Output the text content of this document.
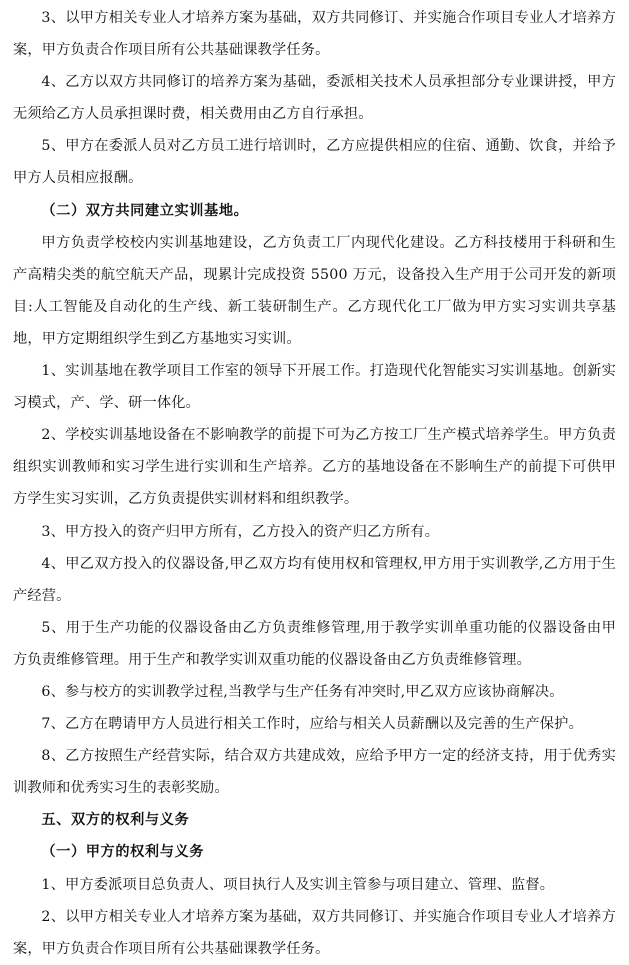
3、以甲方相关专业人才培养方案为基础，双方共同修订、并实施合作项目专业人才培养方案，甲方负责合作项目所有公共基础课教学任务。

4、乙方以双方共同修订的培养方案为基础，委派相关技术人员承担部分专业课讲授，甲方无须给乙方人员承担课时费，相关费用由乙方自行承担。

5、甲方在委派人员对乙方员工进行培训时，乙方应提供相应的住宿、通勤、饮食，并给予甲方人员相应报酬。

（二）双方共同建立实训基地。

甲方负责学校校内实训基地建设，乙方负责工厂内现代化建设。乙方科技楼用于科研和生产高精尖类的航空航天产品，现累计完成投资 5500 万元，设备投入生产用于公司开发的新项目:人工智能及自动化的生产线、新工装研制生产。乙方现代化工厂做为甲方实习实训共享基地，甲方定期组织学生到乙方基地实习实训。

1、实训基地在教学项目工作室的领导下开展工作。打造现代化智能实习实训基地。创新实习模式，产、学、研一体化。

2、学校实训基地设备在不影响教学的前提下可为乙方按工厂生产模式培养学生。甲方负责组织实训教师和实习学生进行实训和生产培养。乙方的基地设备在不影响生产的前提下可供甲方学生实习实训，乙方负责提供实训材料和组织教学。

3、甲方投入的资产归甲方所有，乙方投入的资产归乙方所有。

4、甲乙双方投入的仪器设备,甲乙双方均有使用权和管理权,甲方用于实训教学,乙方用于生产经营。

5、用于生产功能的仪器设备由乙方负责维修管理,用于教学实训单重功能的仪器设备由甲方负责维修管理。用于生产和教学实训双重功能的仪器设备由乙方负责维修管理。

6、参与校方的实训教学过程,当教学与生产任务有冲突时,甲乙双方应该协商解决。

7、乙方在聘请甲方人员进行相关工作时，应给与相关人员薪酬以及完善的生产保护。

8、乙方按照生产经营实际，结合双方共建成效，应给予甲方一定的经济支持，用于优秀实训教师和优秀实习生的表彰奖励。

五、双方的权利与义务

（一）甲方的权利与义务

1、甲方委派项目总负责人、项目执行人及实训主管参与项目建立、管理、监督。

2、以甲方相关专业人才培养方案为基础，双方共同修订、并实施合作项目专业人才培养方案，甲方负责合作项目所有公共基础课教学任务。
